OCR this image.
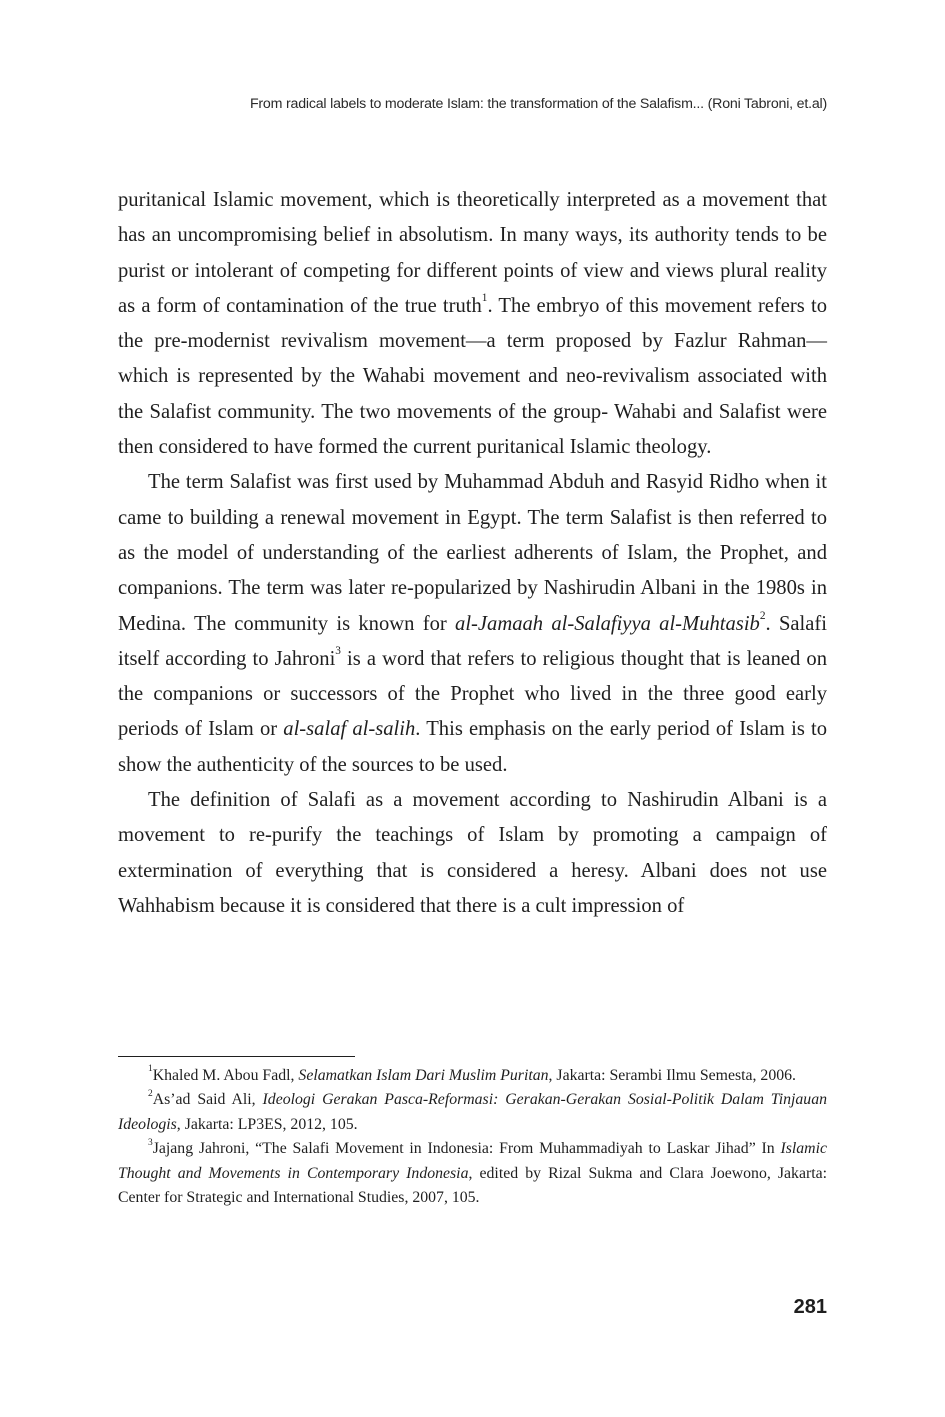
From radical labels to moderate Islam: the transformation of the Salafism... (Roni Tabroni, et.al)

puritanical Islamic movement, which is theoretically interpreted as a movement that has an uncompromising belief in absolutism. In many ways, its authority tends to be purist or intolerant of competing for different points of view and views plural reality as a form of contamination of the true truth$^1$. The embryo of this movement refers to the pre-modernist revivalism movement—a term proposed by Fazlur Rahman—which is represented by the Wahabi movement and neo-revivalism associated with the Salafist community. The two movements of the group- Wahabi and Salafist were then considered to have formed the current puritanical Islamic theology.

The term Salafist was first used by Muhammad Abduh and Rasyid Ridho when it came to building a renewal movement in Egypt. The term Salafist is then referred to as the model of understanding of the earliest adherents of Islam, the Prophet, and companions. The term was later re-popularized by Nashirudin Albani in the 1980s in Medina. The community is known for al-Jamaah al-Salafiyya al-Muhtasib$^2$. Salafi itself according to Jahroni$^3$ is a word that refers to religious thought that is leaned on the companions or successors of the Prophet who lived in the three good early periods of Islam or al-salaf al-salih. This emphasis on the early period of Islam is to show the authenticity of the sources to be used.

The definition of Salafi as a movement according to Nashirudin Albani is a movement to re-purify the teachings of Islam by promoting a campaign of extermination of everything that is considered a heresy. Albani does not use Wahhabism because it is considered that there is a cult impression of

$^1$Khaled M. Abou Fadl, Selamatkan Islam Dari Muslim Puritan, Jakarta: Serambi Ilmu Semesta, 2006.

$^2$As’ad Said Ali, Ideologi Gerakan Pasca-Reformasi: Gerakan-Gerakan Sosial-Politik Dalam Tinjauan Ideologis, Jakarta: LP3ES, 2012, 105.

$^3$Jajang Jahroni, “The Salafi Movement in Indonesia: From Muhammadiyah to Laskar Jihad” In Islamic Thought and Movements in Contemporary Indonesia, edited by Rizal Sukma and Clara Joewono, Jakarta: Center for Strategic and International Studies, 2007, 105.

281
